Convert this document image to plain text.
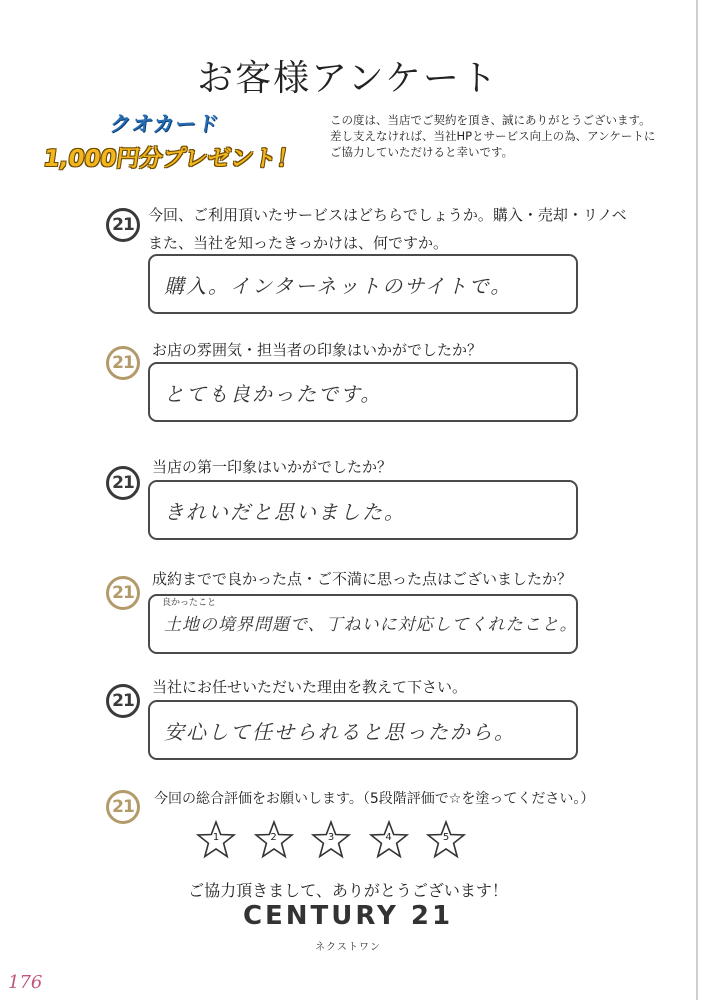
お客様アンケート
クオカード
1,000円分プレゼント！
この度は、当店でご契約を頂き、誠にありがとうございます。
差し支えなければ、当社HPとサービス向上の為、アンケートに
ご協力していただけると幸いです。
21 今回、ご利用頂いたサービスはどちらでしょうか。購入・売却・リノベ
また、当社を知ったきっかけは、何ですか。
購入。インターネットのサイトで。
21
お店の雰囲気・担当者の印象はいかがでしたか？
とても良かったです。
21
当店の第一印象はいかがでしたか？
きれいだと思いました。
21
成約までで良かった点・ご不満に思った点はございましたか？
良かったこと
土地の境界問題で、丁ねいに対応してくれたこと。
21
当社にお任せいただいた理由を教えて下さい。
安心して任せられると思ったから。
21	今回の総合評価をお願いします。（5段階評価で☆を塗ってください。）
1	2	3	4	5
ご協力頂きまして、ありがとうございます！
CENTURY 21
ネクストワン
176
